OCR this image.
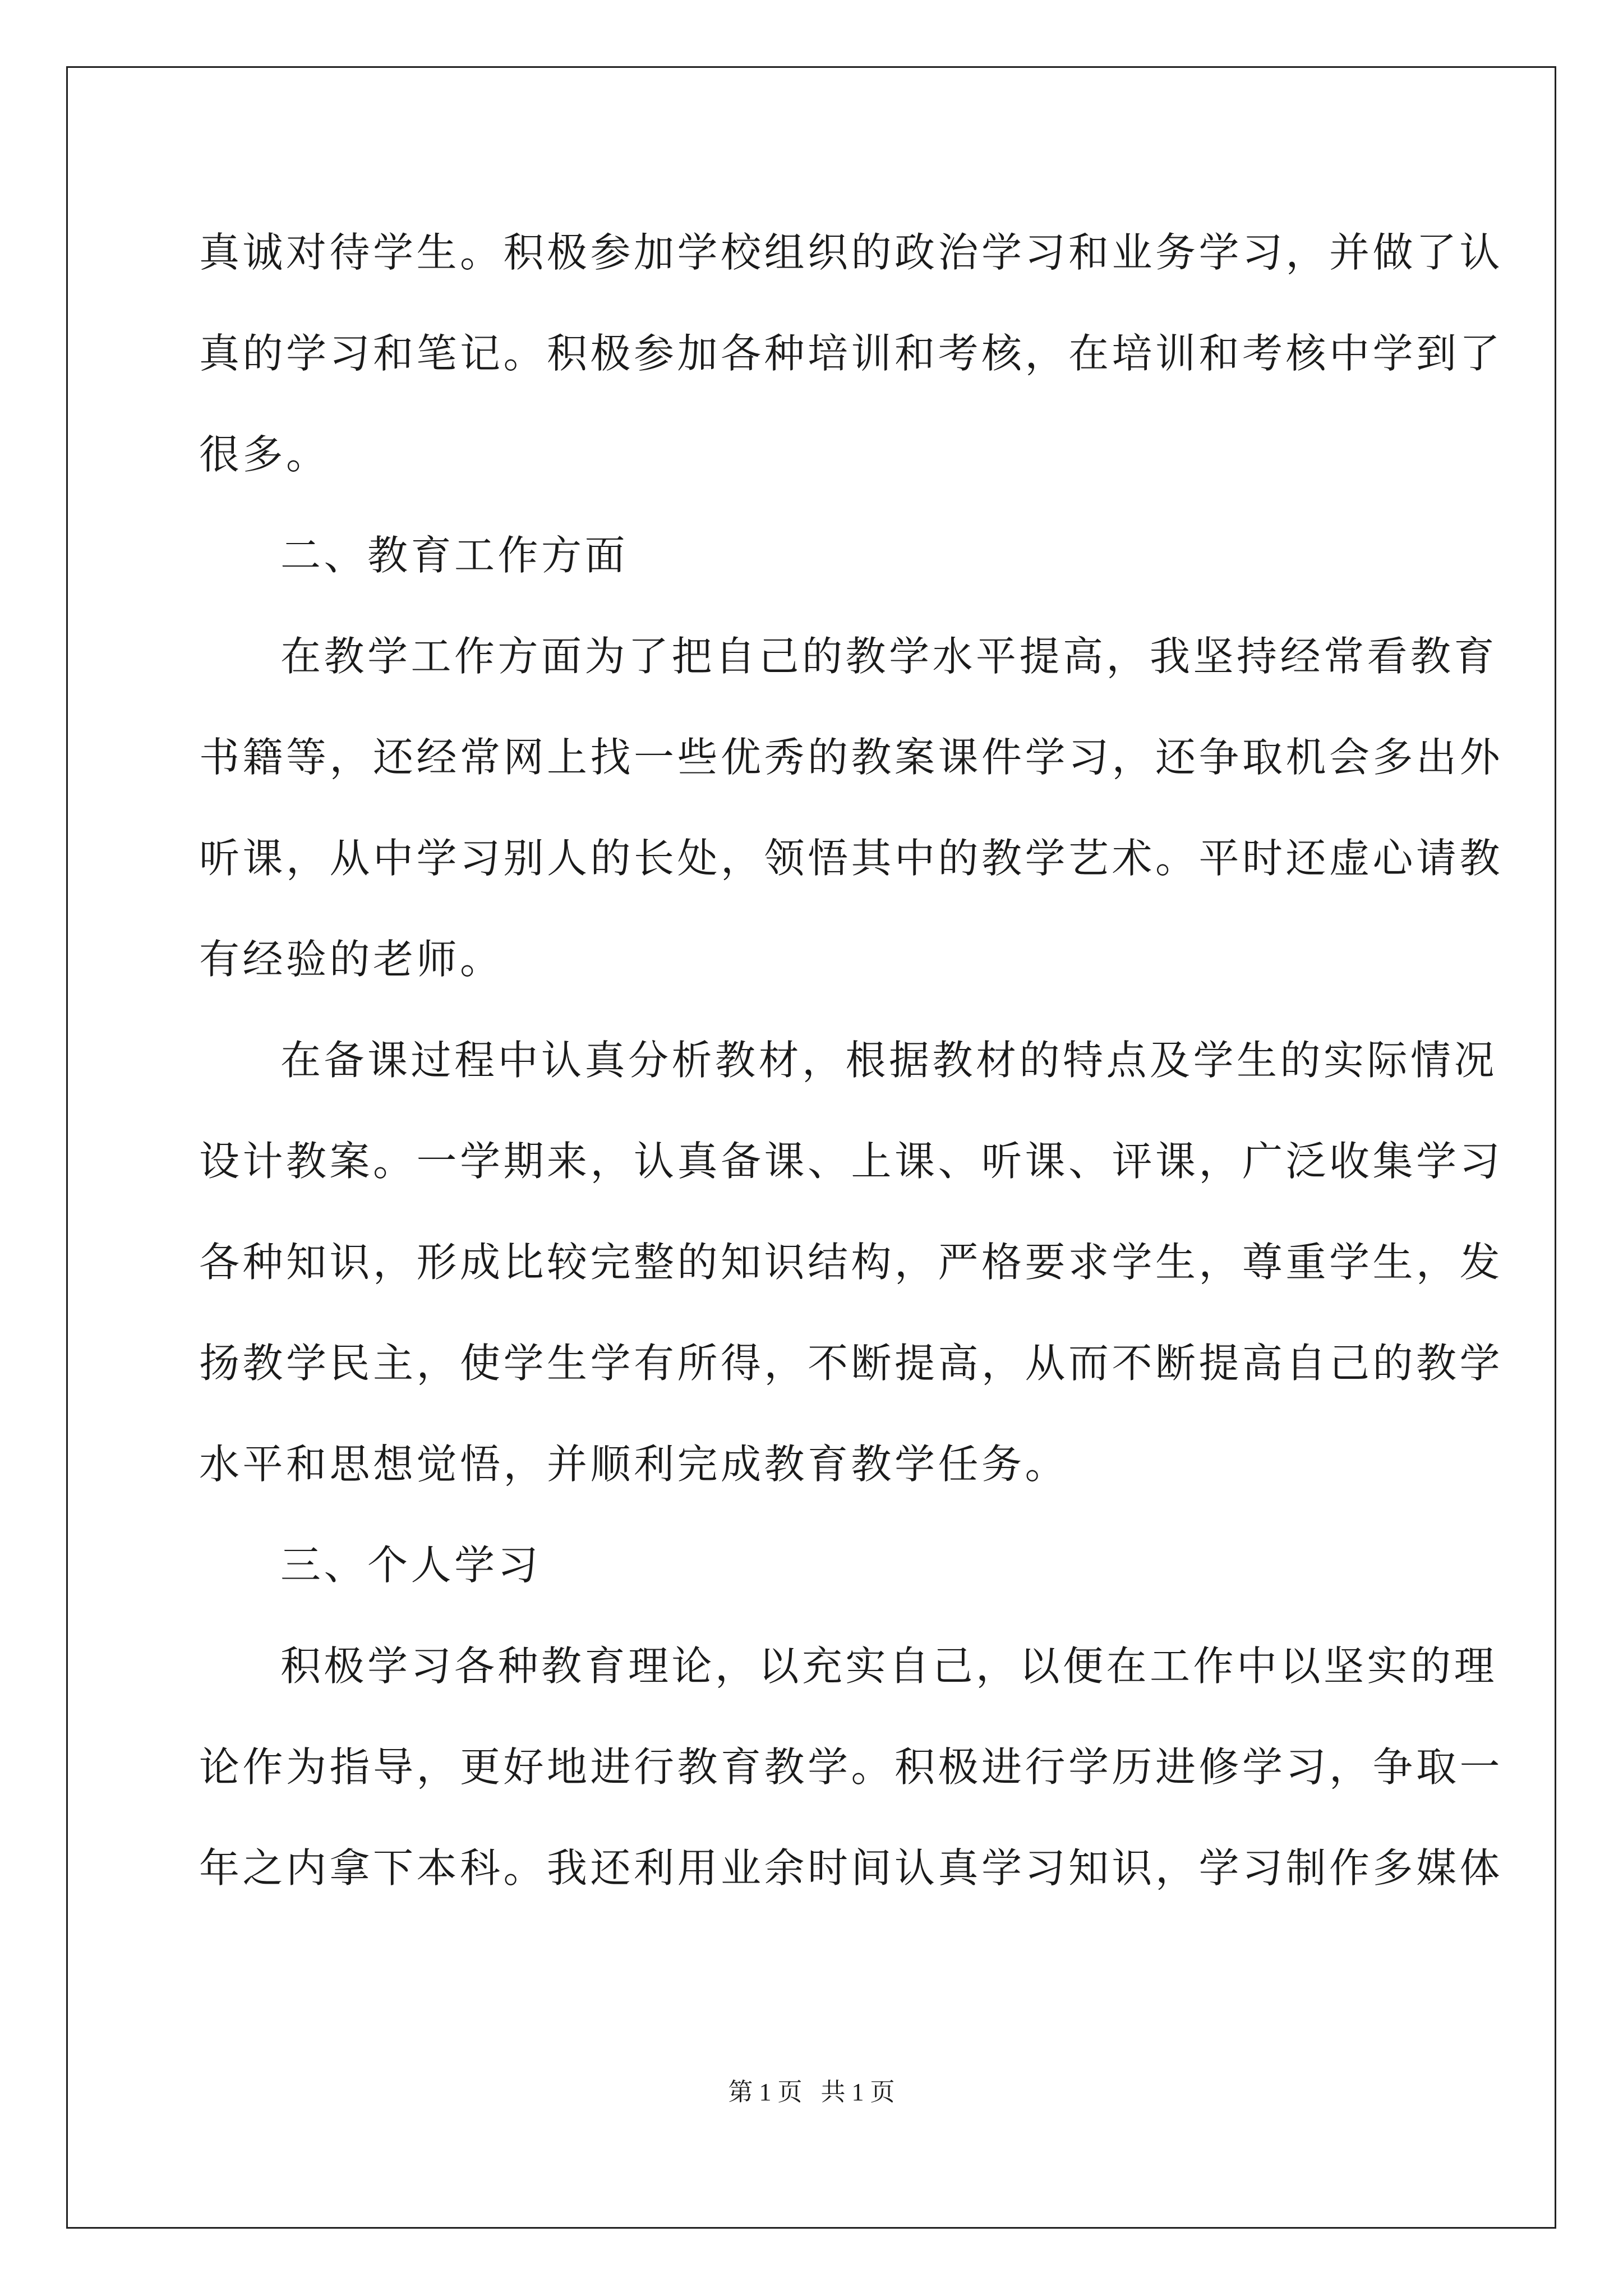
真诚对待学生。积极参加学校组织的政治学习和业务学习，并做了认
真的学习和笔记。积极参加各种培训和考核，在培训和考核中学到了
很多。
二、教育工作方面
在教学工作方面为了把自己的教学水平提高，我坚持经常看教育
书籍等，还经常网上找一些优秀的教案课件学习，还争取机会多出外
听课，从中学习别人的长处，领悟其中的教学艺术。平时还虚心请教
有经验的老师。
在备课过程中认真分析教材，根据教材的特点及学生的实际情况
设计教案。一学期来，认真备课、上课、听课、评课，广泛收集学习
各种知识，形成比较完整的知识结构，严格要求学生，尊重学生，发
扬教学民主，使学生学有所得，不断提高，从而不断提高自己的教学
水平和思想觉悟，并顺利完成教育教学任务。
三、个人学习
积极学习各种教育理论，以充实自己，以便在工作中以坚实的理
论作为指导，更好地进行教育教学。积极进行学历进修学习，争取一
年之内拿下本科。我还利用业余时间认真学习知识，学习制作多媒体
第 1 页 共 1 页
